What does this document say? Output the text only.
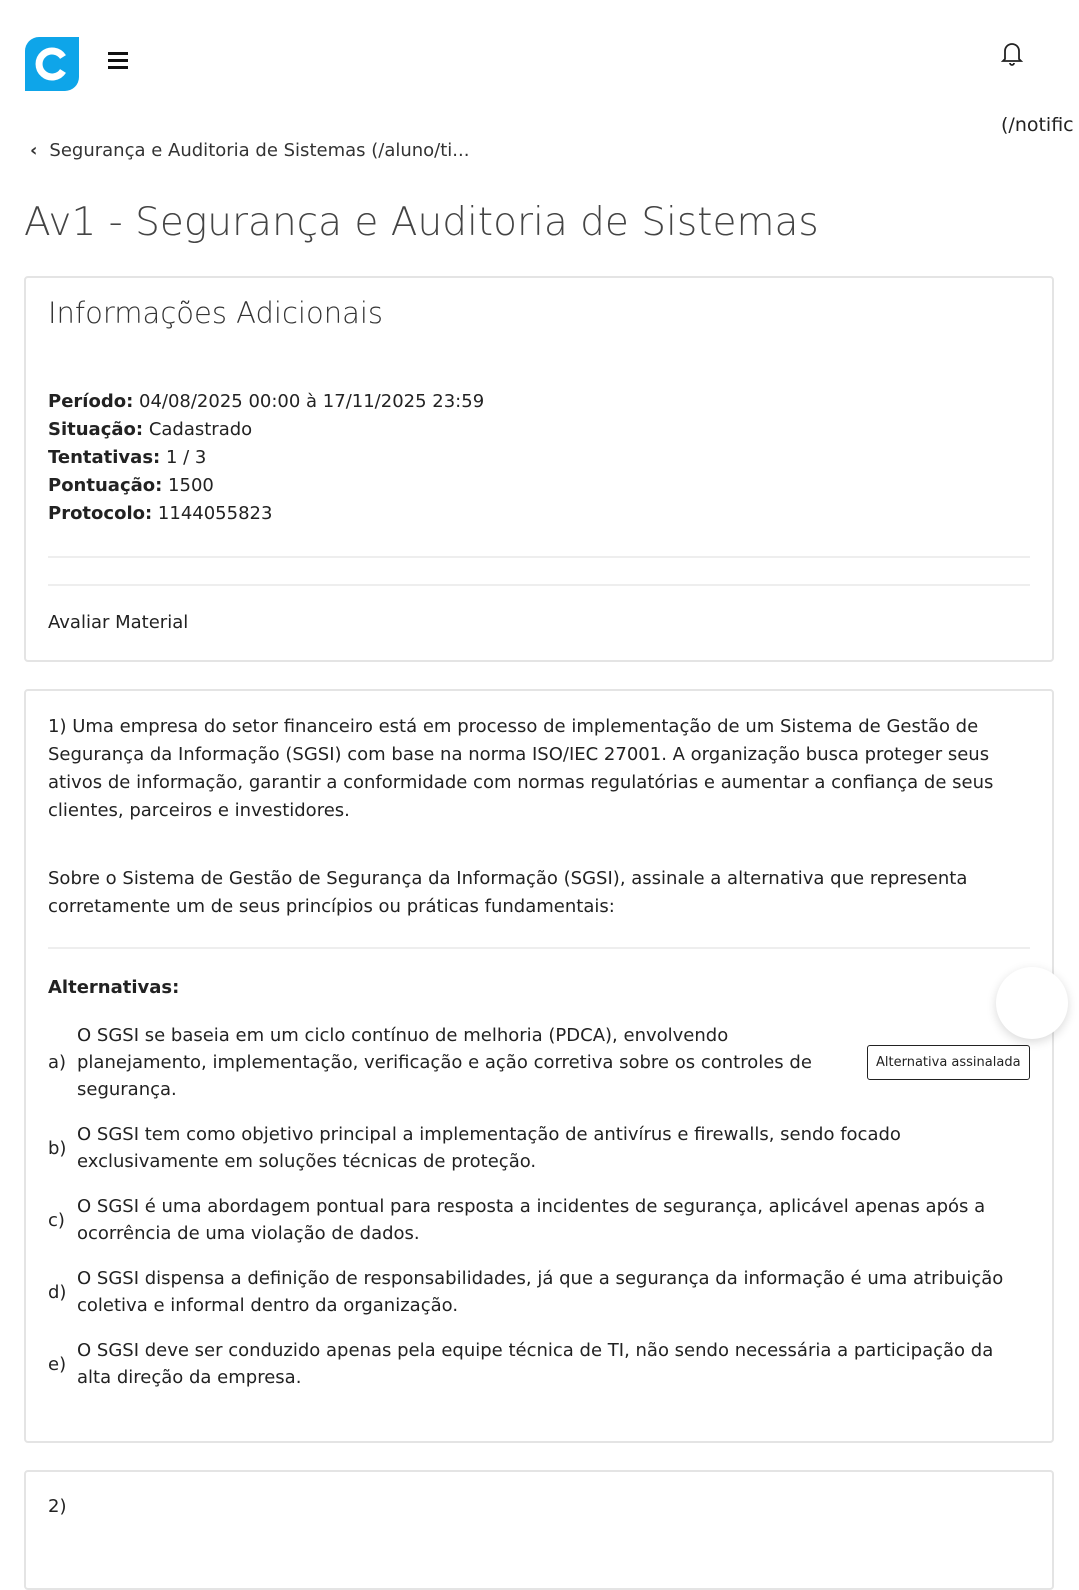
(/notific
‹ Segurança e Auditoria de Sistemas (/aluno/ti...
Av1 - Segurança e Auditoria de Sistemas
Informações Adicionais
Período: 04/08/2025 00:00 à 17/11/2025 23:59
Situação: Cadastrado
Tentativas: 1 / 3
Pontuação: 1500
Protocolo: 1144055823
Avaliar Material

1) Uma empresa do setor financeiro está em processo de implementação de um Sistema de Gestão de Segurança da Informação (SGSI) com base na norma ISO/IEC 27001. A organização busca proteger seus ativos de informação, garantir a conformidade com normas regulatórias e aumentar a confiança de seus clientes, parceiros e investidores.

Sobre o Sistema de Gestão de Segurança da Informação (SGSI), assinale a alternativa que representa corretamente um de seus princípios ou práticas fundamentais:

Alternativas:
a)
O SGSI se baseia em um ciclo contínuo de melhoria (PDCA), envolvendo planejamento, implementação, verificação e ação corretiva sobre os controles de segurança.
Alternativa assinalada
b)
O SGSI tem como objetivo principal a implementação de antivírus e firewalls, sendo focado exclusivamente em soluções técnicas de proteção.
c)
O SGSI é uma abordagem pontual para resposta a incidentes de segurança, aplicável apenas após a ocorrência de uma violação de dados.
d)
O SGSI dispensa a definição de responsabilidades, já que a segurança da informação é uma atribuição coletiva e informal dentro da organização.
e)
O SGSI deve ser conduzido apenas pela equipe técnica de TI, não sendo necessária a participação da alta direção da empresa.
2)
